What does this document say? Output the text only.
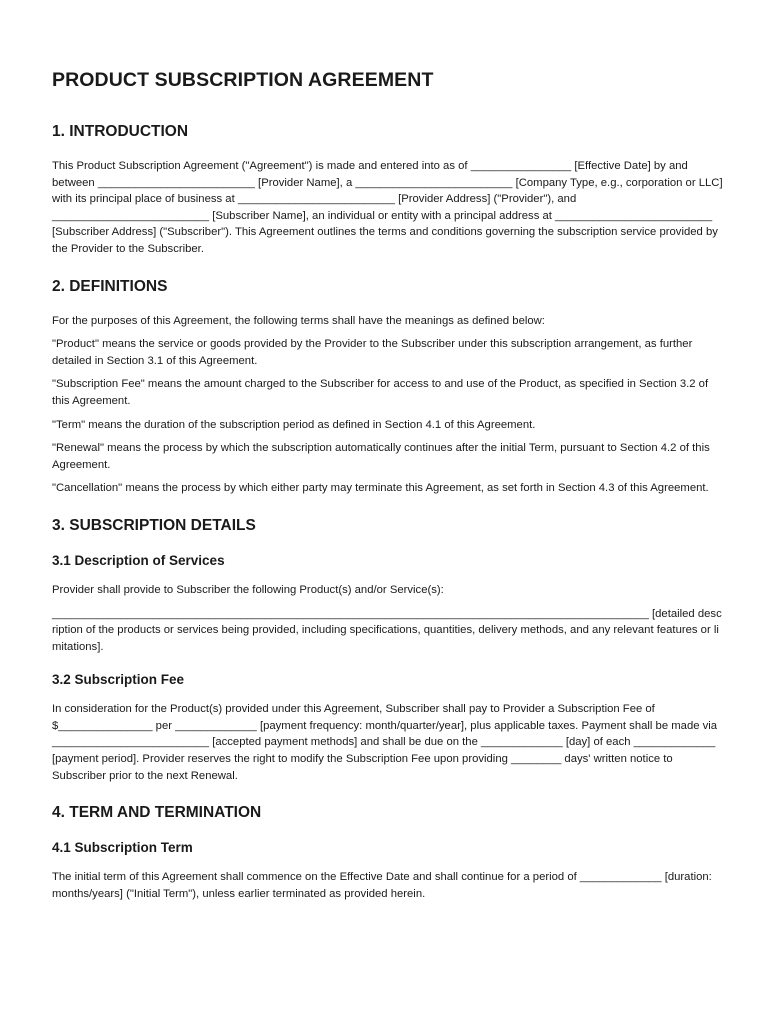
PRODUCT SUBSCRIPTION AGREEMENT
1. INTRODUCTION

This Product Subscription Agreement ("Agreement") is made and entered into as of ________________ [Effective Date] by and between _________________________ [Provider Name], a _________________________ [Company Type, e.g., corporation or LLC] with its principal place of business at _________________________ [Provider Address] ("Provider"), and _________________________ [Subscriber Name], an individual or entity with a principal address at _________________________ [Subscriber Address] ("Subscriber"). This Agreement outlines the terms and conditions governing the subscription service provided by the Provider to the Subscriber.

2. DEFINITIONS

For the purposes of this Agreement, the following terms shall have the meanings as defined below:

"Product" means the service or goods provided by the Provider to the Subscriber under this subscription arrangement, as further detailed in Section 3.1 of this Agreement.

"Subscription Fee" means the amount charged to the Subscriber for access to and use of the Product, as specified in Section 3.2 of this Agreement.

"Term" means the duration of the subscription period as defined in Section 4.1 of this Agreement.

"Renewal" means the process by which the subscription automatically continues after the initial Term, pursuant to Section 4.2 of this Agreement.

"Cancellation" means the process by which either party may terminate this Agreement, as set forth in Section 4.3 of this Agreement.

3. SUBSCRIPTION DETAILS
3.1 Description of Services

Provider shall provide to Subscriber the following Product(s) and/or Service(s):

_______________________________________________________________________________________________ [detailed description of the products or services being provided, including specifications, quantities, delivery methods, and any relevant features or limitations].

3.2 Subscription Fee

In consideration for the Product(s) provided under this Agreement, Subscriber shall pay to Provider a Subscription Fee of $_______________ per _____________ [payment frequency: month/quarter/year], plus applicable taxes. Payment shall be made via _________________________ [accepted payment methods] and shall be due on the _____________ [day] of each _____________ [payment period]. Provider reserves the right to modify the Subscription Fee upon providing ________ days' written notice to Subscriber prior to the next Renewal.

4. TERM AND TERMINATION
4.1 Subscription Term

The initial term of this Agreement shall commence on the Effective Date and shall continue for a period of _____________ [duration: months/years] ("Initial Term"), unless earlier terminated as provided herein.
